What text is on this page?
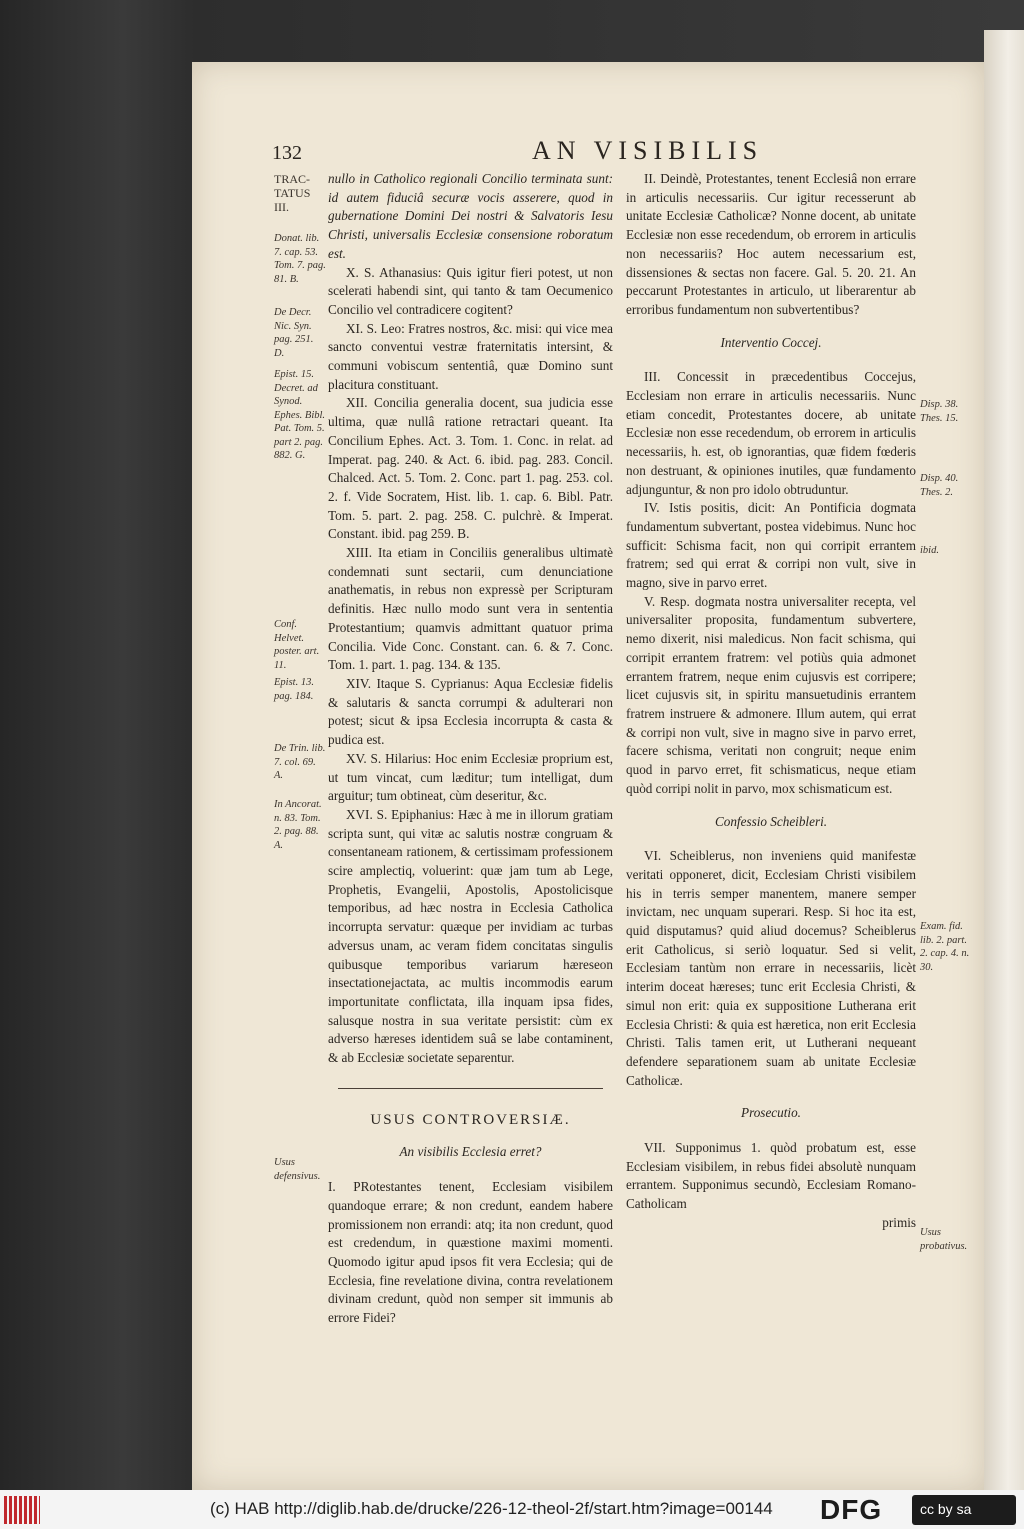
132	AN VISIBILIS
TRAC-TATUS III.
Donat. lib. 7. cap. 53. Tom. 7. pag. 81. B.
De Decr. Nic. Syn. pag. 251. D.
Epist. 15. Decret. ad Synod. Ephes. Bibl. Pat. Tom. 5. part 2. pag. 882. G.
Conf. Helvet. poster. art. 11.
Epist. 13. pag. 184.
De Trin. lib. 7. col. 69. A.
In Ancorat. n. 83. Tom. 2. pag. 88. A.
Usus defensivus.
Disp. 38. Thes. 15.
Disp. 40. Thes. 2.
ibid.
Exam. fid. lib. 2. part. 2. cap. 4. n. 30.
Usus probativus.

nullo in Catholico regionali Concilio terminata sunt: id autem fiduciâ securæ vocis asserere, quod in gubernatione Domini Dei nostri & Salvatoris Iesu Christi, universalis Ecclesiæ consensione roboratum est.

X. S. Athanasius: Quis igitur fieri potest, ut non scelerati habendi sint, qui tanto & tam Oecumenico Concilio vel contradicere cogitent?

XI. S. Leo: Fratres nostros, &c. misi: qui vice mea sancto conventui vestræ fraternitatis intersint, & communi vobiscum sententiâ, quæ Domino sunt placitura constituant.

XII. Concilia generalia docent, sua judicia esse ultima, quæ nullâ ratione retractari queant. Ita Concilium Ephes. Act. 3. Tom. 1. Conc. in relat. ad Imperat. pag. 240. & Act. 6. ibid. pag. 283. Concil. Chalced. Act. 5. Tom. 2. Conc. part 1. pag. 253. col. 2. f. Vide Socratem, Hist. lib. 1. cap. 6. Bibl. Patr. Tom. 5. part. 2. pag. 258. C. pulchrè. & Imperat. Constant. ibid. pag 259. B.

XIII. Ita etiam in Conciliis generalibus ultimatè condemnati sunt sectarii, cum denunciatione anathematis, in rebus non expressè per Scripturam definitis. Hæc nullo modo sunt vera in sententia Protestantium; quamvis admittant quatuor prima Concilia. Vide Conc. Constant. can. 6. & 7. Conc. Tom. 1. part. 1. pag. 134. & 135.

XIV. Itaque S. Cyprianus: Aqua Ecclesiæ fidelis & salutaris & sancta corrumpi & adulterari non potest; sicut & ipsa Ecclesia incorrupta & casta & pudica est.

XV. S. Hilarius: Hoc enim Ecclesiæ proprium est, ut tum vincat, cum læditur; tum intelligat, dum arguitur; tum obtineat, cùm deseritur, &c.

XVI. S. Epiphanius: Hæc à me in illorum gratiam scripta sunt, qui vitæ ac salutis nostræ congruam & consentaneam rationem, & certissimam professionem scire amplectiq, voluerint: quæ jam tum ab Lege, Prophetis, Evangelii, Apostolis, Apostolicisque temporibus, ad hæc nostra in Ecclesia Catholica incorrupta servatur: quæque per invidiam ac turbas adversus unam, ac veram fidem concitatas singulis quibusque temporibus variarum hæreseon insectationejactata, ac multis incommodis earum importunitate conflictata, illa inquam ipsa fides, salusque nostra in sua veritate persistit: cùm ex adverso hæreses identidem suâ se labe contaminent, & ab Ecclesiæ societate separentur.

USUS CONTROVERSIÆ.

An visibilis Ecclesia erret?

I. PRotestantes tenent, Ecclesiam visibilem quandoque errare; & non credunt, eandem habere promissionem non errandi: atq; ita non credunt, quod est credendum, in quæstione maximi momenti. Quomodo igitur apud ipsos fit vera Ecclesia; qui de Ecclesia, fine revelatione divina, contra revelationem divinam credunt, quòd non semper sit immunis ab errore Fidei?

II. Deindè, Protestantes, tenent Ecclesiâ non errare in articulis necessariis. Cur igitur recesserunt ab unitate Ecclesiæ Catholicæ? Nonne docent, ab unitate Ecclesiæ non esse recedendum, ob errorem in articulis non necessariis? Hoc autem necessarium est, dissensiones & sectas non facere. Gal. 5. 20. 21. An peccarunt Protestantes in articulo, ut liberarentur ab erroribus fundamentum non subvertentibus?

Interventio Coccej.

III. Concessit in præcedentibus Coccejus, Ecclesiam non errare in articulis necessariis. Nunc etiam concedit, Protestantes docere, ab unitate Ecclesiæ non esse recedendum, ob errorem in articulis necessariis, h. est, ob ignorantias, quæ fidem fœderis non destruant, & opiniones inutiles, quæ fundamento adjunguntur, & non pro idolo obtruduntur.

IV. Istis positis, dicit: An Pontificia dogmata fundamentum subvertant, postea videbimus. Nunc hoc sufficit: Schisma facit, non qui corripit errantem fratrem; sed qui errat & corripi non vult, sive in magno, sive in parvo erret.

V. Resp. dogmata nostra universaliter recepta, vel universaliter proposita, fundamentum subvertere, nemo dixerit, nisi maledicus. Non facit schisma, qui corripit errantem fratrem: vel potiùs quia admonet errantem fratrem, neque enim cujusvis est corripere; licet cujusvis sit, in spiritu mansuetudinis errantem fratrem instruere & admonere. Illum autem, qui errat & corripi non vult, sive in magno sive in parvo erret, facere schisma, veritati non congruit; neque enim quod in parvo erret, fit schismaticus, neque etiam quòd corripi nolit in parvo, mox schismaticum est.

Confessio Scheibleri.

VI. Scheiblerus, non inveniens quid manifestæ veritati opponeret, dicit, Ecclesiam Christi visibilem his in terris semper manentem, manere semper invictam, nec unquam superari. Resp. Si hoc ita est, quid disputamus? quid aliud docemus? Scheiblerus erit Catholicus, si seriò loquatur. Sed si velit, Ecclesiam tantùm non errare in necessariis, licèt interim doceat hæreses; tunc erit Ecclesia Christi, & simul non erit: quia ex suppositione Lutherana erit Ecclesia Christi: & quia est hæretica, non erit Ecclesia Christi. Talis tamen erit, ut Lutherani nequeant defendere separationem suam ab unitate Ecclesiæ Catholicæ.

Prosecutio.

VII. Supponimus 1. quòd probatum est, esse Ecclesiam visibilem, in rebus fidei absolutè nunquam errantem. Supponimus secundò, Ecclesiam Romano-Catholicam

primis

(c) HAB http://diglib.hab.de/drucke/226-12-theol-2f/start.htm?image=00144 DFG	cc by sa
